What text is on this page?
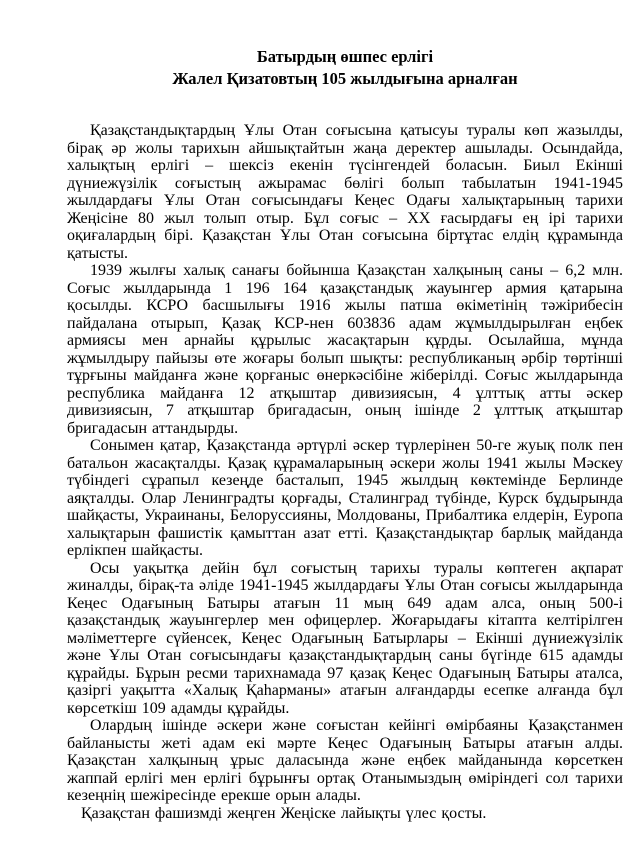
Батырдың өшпес ерлігі
Жалел Қизатовтың 105 жылдығына арналған

Қазақстандықтардың Ұлы Отан соғысына қатысуы туралы көп жазылды, бірақ әр жолы тарихын айшықтайтын жаңа деректер ашылады. Осындайда, халықтың ерлігі – шексіз екенін түсінгендей боласын. Биыл Екінші дүниежүзілік соғыстың ажырамас бөлігі болып табылатын 1941-1945 жылдардағы Ұлы Отан соғысындағы Кеңес Одағы халықтарының тарихи Жеңісіне 80 жыл толып отыр. Бұл соғыс – ХХ ғасырдағы ең ірі тарихи оқиғалардың бірі. Қазақстан Ұлы Отан соғысына біртұтас елдің құрамында қатысты.

1939 жылғы халық санағы бойынша Қазақстан халқының саны – 6,2 млн. Соғыс жылдарында 1 196 164 қазақстандық жауынгер армия қатарына қосылды. КСРО басшылығы 1916 жылы патша өкіметінің тәжірибесін пайдалана отырып, Қазақ КСР-нен 603836 адам жұмылдырылған еңбек армиясы мен арнайы құрылыс жасақтарын құрды. Осылайша, мұнда жұмылдыру пайызы өте жоғары болып шықты: республиканың әрбір төртінші тұрғыны майданға және қорғаныс өнеркәсібіне жіберілді. Соғыс жылдарында республика майданға 12 атқыштар дивизиясын, 4 ұлттық атты әскер дивизиясын, 7 атқыштар бригадасын, оның ішінде 2 ұлттық атқыштар бригадасын аттандырды.

Сонымен қатар, Қазақстанда әртүрлі әскер түрлерінен 50-ге жуық полк пен батальон жасақталды. Қазақ құрамаларының әскери жолы 1941 жылы Мәскеу түбіндегі сұрапыл кезеңде басталып, 1945 жылдың көктемінде Берлинде аяқталды. Олар Ленинградты қорғады, Сталинград түбінде, Курск бұдырында шайқасты, Украинаны, Белоруссияны, Молдованы, Прибалтика елдерін, Еуропа халықтарын фашистік қамыттан азат етті. Қазақстандықтар барлық майданда ерлікпен шайқасты.

Осы уақытқа дейін бұл соғыстың тарихы туралы көптеген ақпарат жиналды, бірақ-та әліде 1941-1945 жылдардағы Ұлы Отан соғысы жылдарында Кеңес Одағының Батыры атағын 11 мың 649 адам алса, оның 500-і қазақстандық жауынгерлер мен офицерлер. Жоғарыдағы кітапта келтірілген мәліметтерге сүйенсек, Кеңес Одағының Батырлары – Екінші дүниежүзілік және Ұлы Отан соғысындағы қазақстандықтардың саны бүгінде 615 адамды құрайды. Бұрын ресми тарихнамада 97 қазақ Кеңес Одағының Батыры аталса, қазіргі уақытта «Халық Қаһарманы» атағын алғандарды есепке алғанда бұл көрсеткіш 109 адамды құрайды.

Олардың ішінде әскери және соғыстан кейінгі өмірбаяны Қазақстанмен байланысты жеті адам екі мәрте Кеңес Одағының Батыры атағын алды. Қазақстан халқының ұрыс даласында және еңбек майданында көрсеткен жаппай ерлігі мен ерлігі бұрынғы ортақ Отанымыздың өміріндегі сол тарихи кезеңнің шежіресінде ерекше орын алады.

Қазақстан фашизмді жеңген Жеңіске лайықты үлес қосты.
